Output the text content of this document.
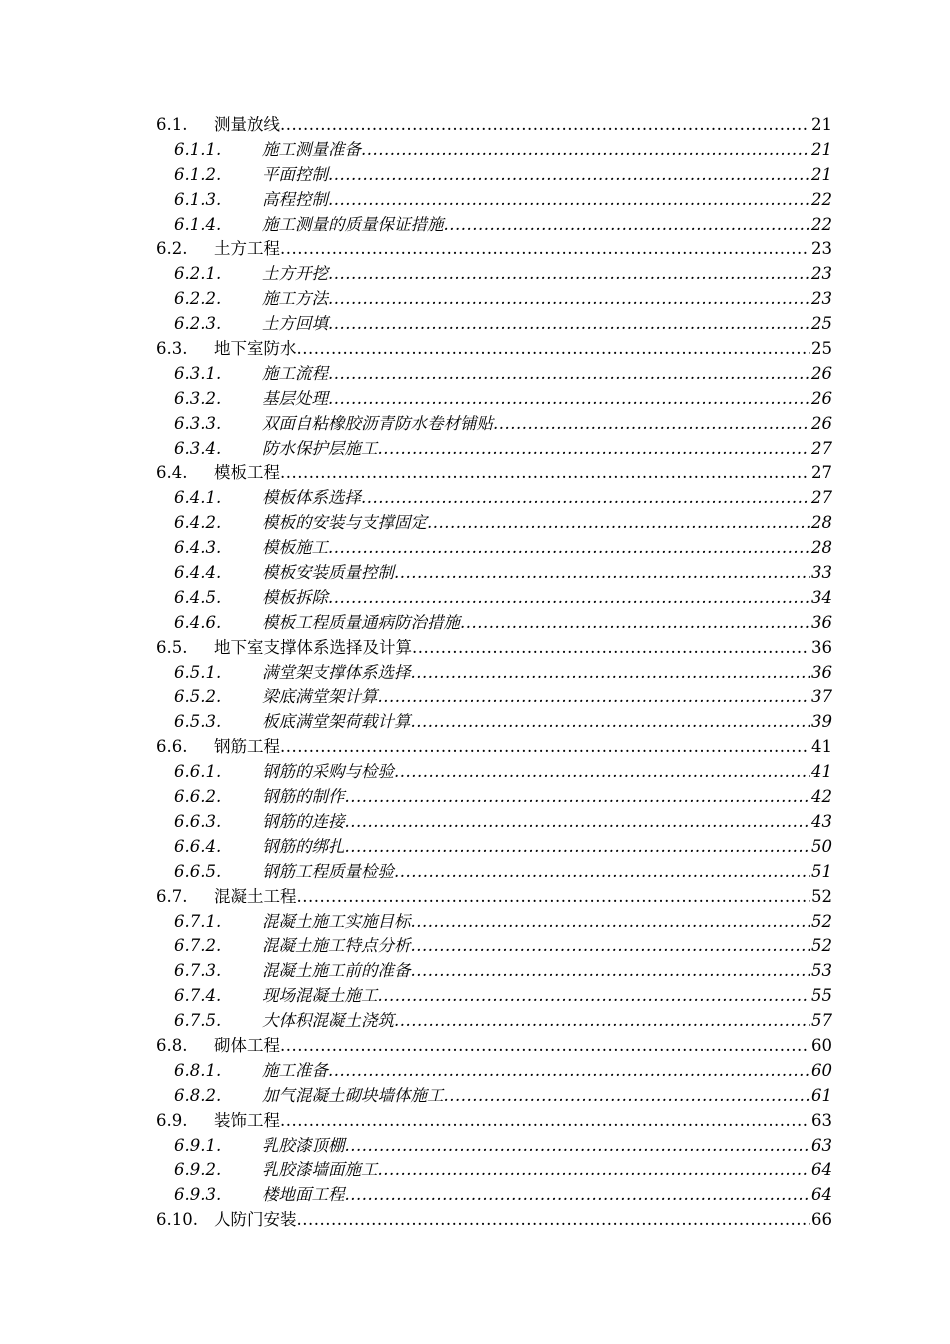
6.1.	测量放线 .....	21
6.1.1.	施工测量准备 .....	21
6.1.2.	平面控制 .....	21
6.1.3.	高程控制 .....	22
6.1.4.	施工测量的质量保证措施 .....	22
6.2.	土方工程 .....	23
6.2.1.	土方开挖 .....	23
6.2.2.	施工方法 .....	23
6.2.3.	土方回填 .....	25
6.3.	地下室防水 .....	25
6.3.1.	施工流程 .....	26
6.3.2.	基层处理 .....	26
6.3.3.	双面自粘橡胶沥青防水卷材铺贴 .....	26
6.3.4.	防水保护层施工 .....	27
6.4.	模板工程 .....	27
6.4.1.	模板体系选择 .....	27
6.4.2.	模板的安装与支撑固定 .....	28
6.4.3.	模板施工 .....	28
6.4.4.	模板安装质量控制 .....	33
6.4.5.	模板拆除 .....	34
6.4.6.	模板工程质量通病防治措施 .....	36
6.5.	地下室支撑体系选择及计算 .....	36
6.5.1.	满堂架支撑体系选择 .....	36
6.5.2.	梁底满堂架计算 .....	37
6.5.3.	板底满堂架荷载计算 .....	39
6.6.	钢筋工程 .....	41
6.6.1.	钢筋的采购与检验 .....	41
6.6.2.	钢筋的制作 .....	42
6.6.3.	钢筋的连接 .....	43
6.6.4.	钢筋的绑扎 .....	50
6.6.5.	钢筋工程质量检验 .....	51
6.7.	混凝土工程 .....	52
6.7.1.	混凝土施工实施目标 .....	52
6.7.2.	混凝土施工特点分析 .....	52
6.7.3.	混凝土施工前的准备 .....	53
6.7.4.	现场混凝土施工 .....	55
6.7.5.	大体积混凝土浇筑 .....	57
6.8.	砌体工程 .....	60
6.8.1.	施工准备 .....	60
6.8.2.	加气混凝土砌块墙体施工 .....	61
6.9.	装饰工程 .....	63
6.9.1.	乳胶漆顶棚 .....	63
6.9.2.	乳胶漆墙面施工 .....	64
6.9.3.	楼地面工程 .....	64
6.10. 人防门安装 .....	66
